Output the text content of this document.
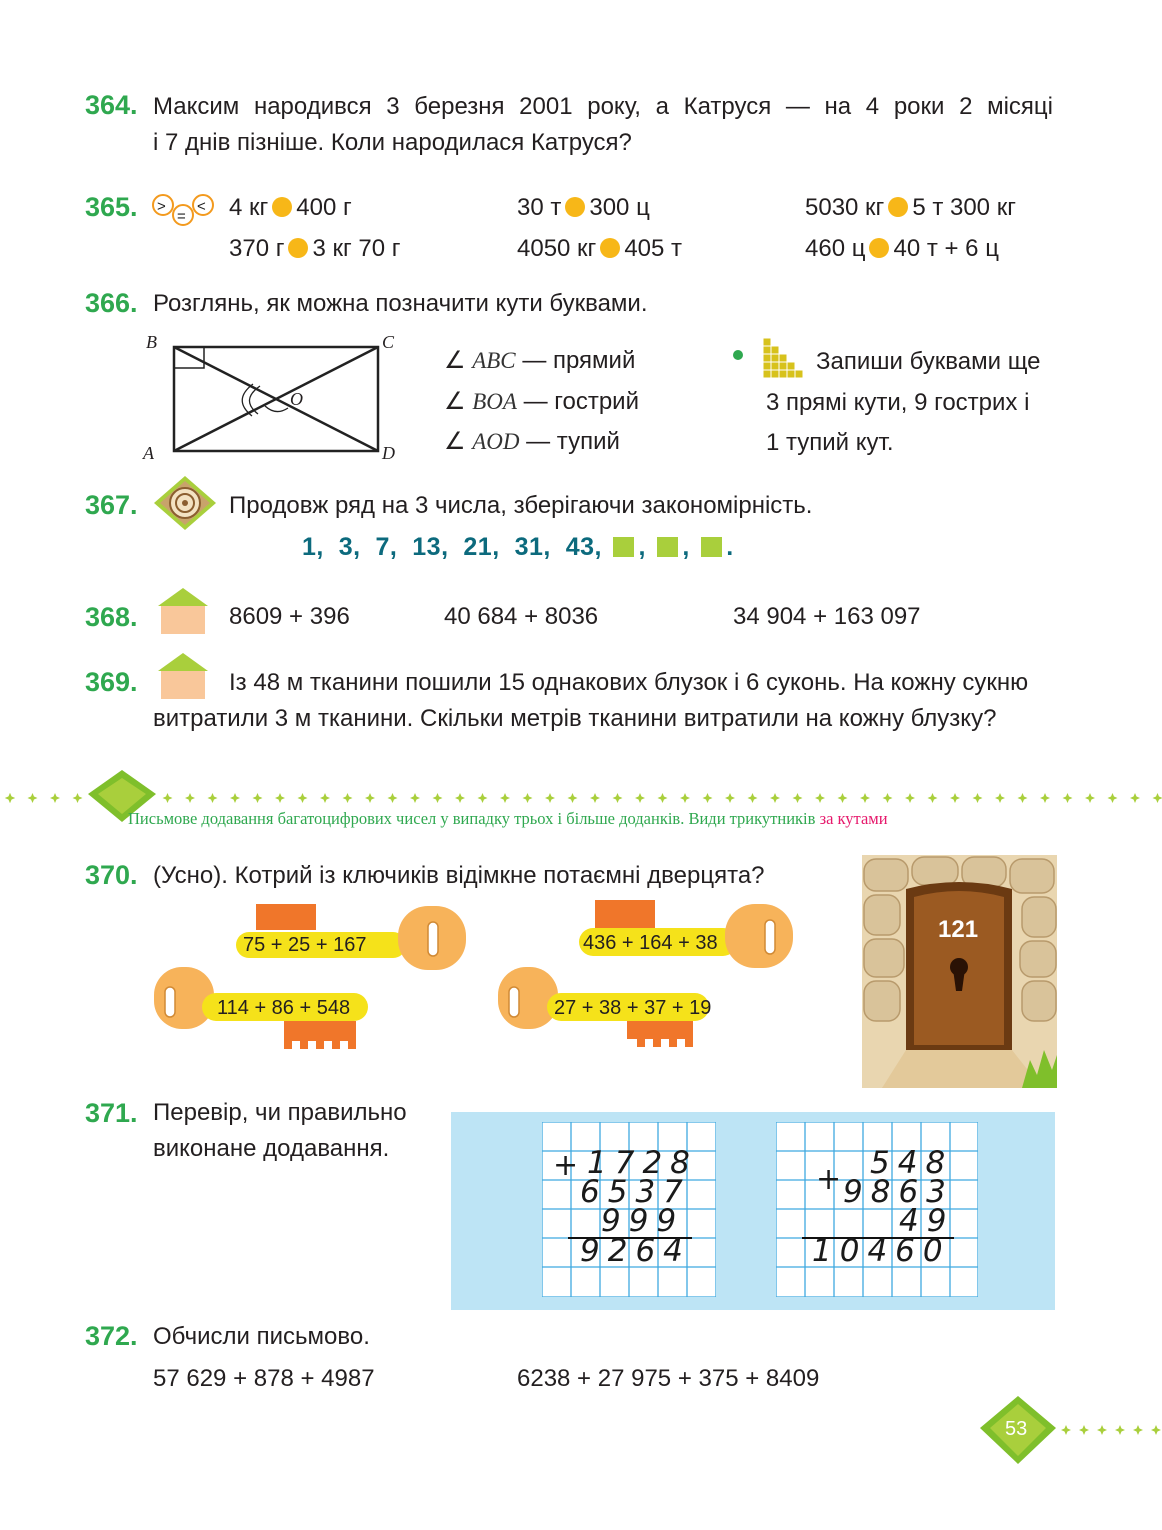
364. Максим народився 3 березня 2001 року, а Катруся — на 4 роки 2 місяці
і 7 днів пізніше. Коли народилася Катруся?
365. >
=
< 4 кг 400 г	30 т 300 ц	5030 кг 5 т 300 кг
370 г 3 кг 70 г	4050 кг 405 т	460 ц 40 т + 6 ц
366. Розглянь, як можна позначити кути буквами.
B	C
A	D
O
∠ ABC — прямий
∠ BOA — гострий
∠ AOD — тупий
Запиши буквами ще
3 прямі кути, 9 гострих і
1 тупий кут.
367.	Продовж ряд на 3 числа, зберігаючи закономірність.
1,  3,  7,  13,  21,  31,  43, , , .
368.	8609 + 396	40 684 + 8036	34 904 + 163 097
369.	Із 48 м тканини пошили 15 однакових блузок і 6 суконь. На кожну сукню
витратили 3 м тканини. Скільки метрів тканини витратили на кожну блузку?
Письмове додавання багатоцифрових чисел у випадку трьох і більше доданків. Види трикутників за кутами
370. (Усно). Котрий із ключиків відімкне потаємні дверцята?
75 + 25 + 167
114 + 86 + 548
436 + 164 + 38
27 + 38 + 37 + 19
121
371. Перевір, чи правильно
виконане додавання.	+ 1728
6537
999
9264
+ 548
9863
49
10460
372. Обчисли письмово.
57 629 + 878 + 4987	6238 + 27 975 + 375 + 8409
53
